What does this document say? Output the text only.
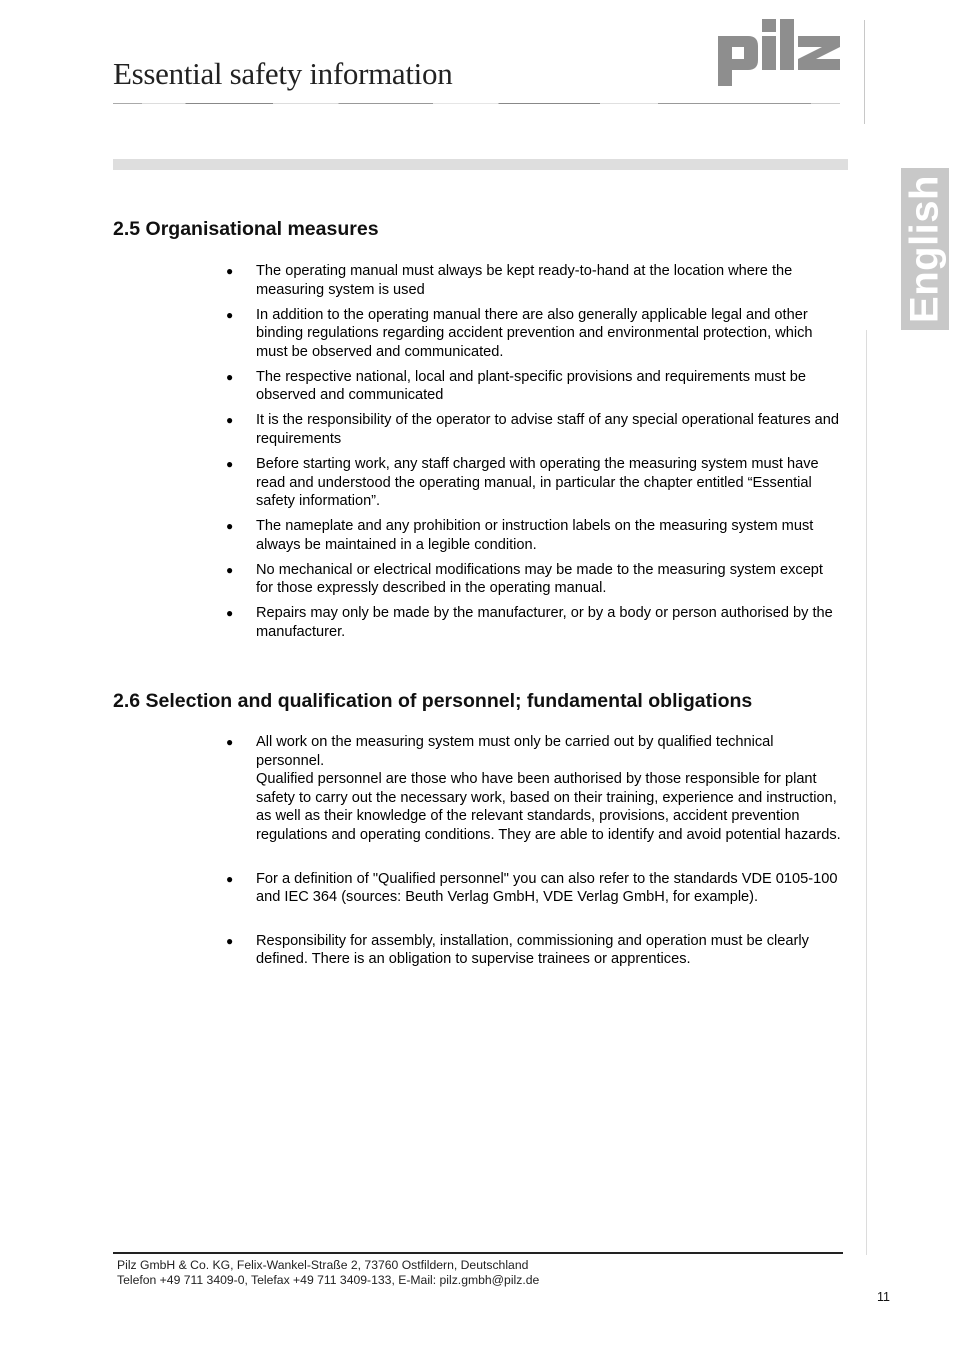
Essential safety information
English
2.5 Organisational measures
● The operating manual must always be kept ready-to-hand at the location where the measuring system is used
● In addition to the operating manual there are also generally applicable legal and other binding regulations regarding accident prevention and environmental protection, which must be observed and communicated.
● The respective national, local and plant-specific provisions and requirements must be observed and communicated
● It is the responsibility of the operator to advise staff of any special operational features and requirements
● Before starting work, any staff charged with operating the measuring system must have read and understood the operating manual, in particular the chapter entitled “Essential safety information”.
● The nameplate and any prohibition or instruction labels on the measuring system must always be maintained in a legible condition.
● No mechanical or electrical modifications may be made to the measuring system except for those expressly described in the operating manual.
● Repairs may only be made by the manufacturer, or by a body or person authorised by the manufacturer.
2.6 Selection and qualification of personnel; fundamental obligations
● All work on the measuring system must only be carried out by qualified technical personnel.
Qualified personnel are those who have been authorised by those responsible for plant safety to carry out the necessary work, based on their training, experience and instruction, as well as their knowledge of the relevant standards, provisions, accident prevention regulations and operating conditions. They are able to identify and avoid potential hazards.
● For a definition of "Qualified personnel" you can also refer to the standards VDE 0105-100 and IEC 364 (sources: Beuth Verlag GmbH, VDE Verlag GmbH, for example).
● Responsibility for assembly, installation, commissioning and operation must be clearly defined. There is an obligation to supervise trainees or apprentices.
Pilz GmbH & Co. KG, Felix-Wankel-Straße 2, 73760 Ostfildern, Deutschland
Telefon +49 711 3409-0, Telefax +49 711 3409-133, E-Mail: pilz.gmbh@pilz.de
11
